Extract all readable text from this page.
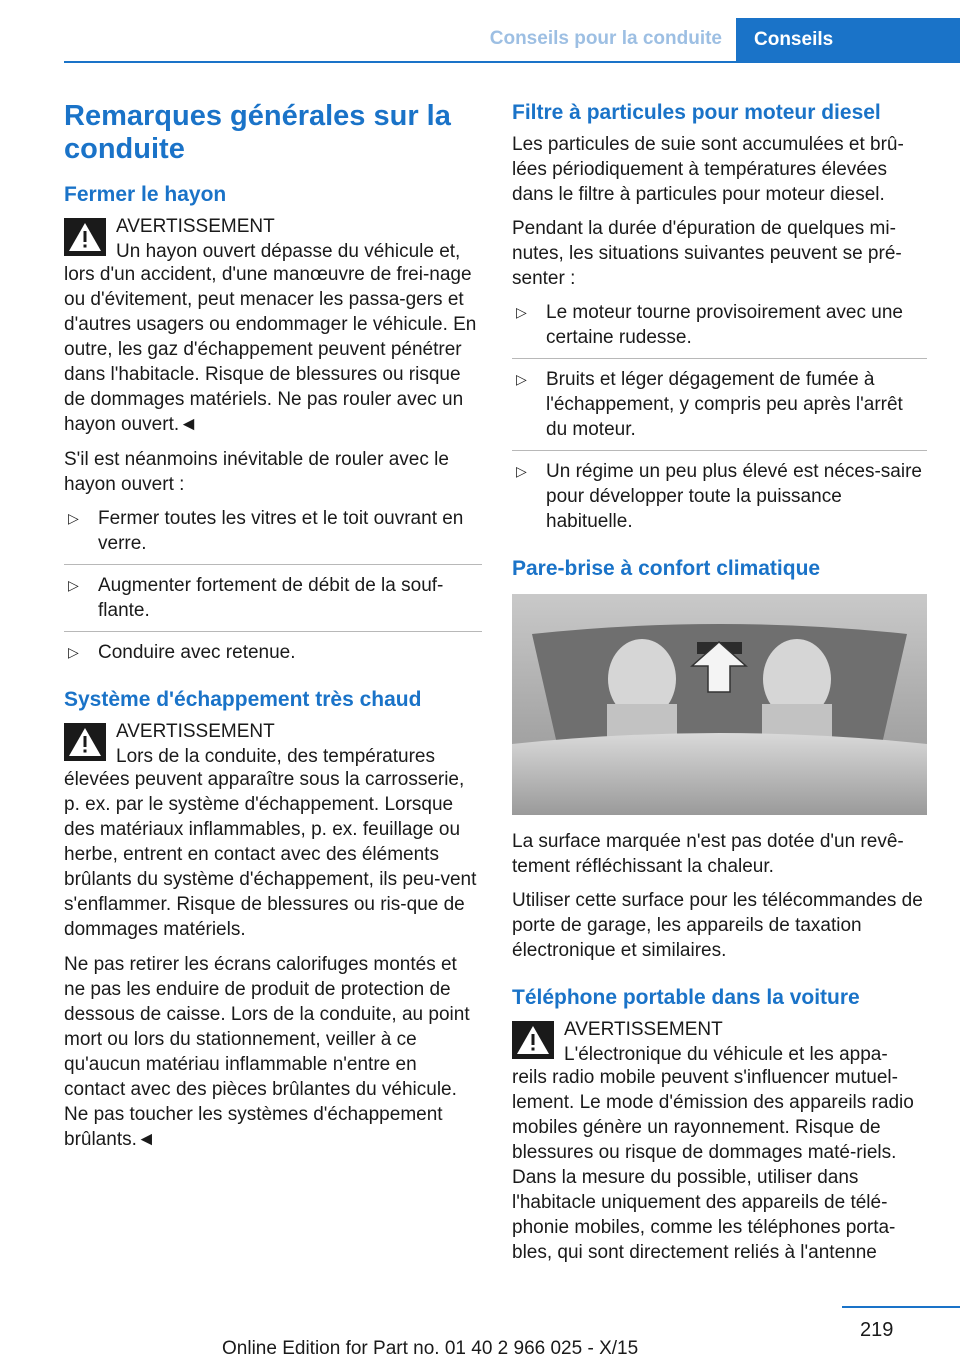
Conseils pour la conduite	Conseils
Remarques générales sur la conduite
Fermer le hayon
AVERTISSEMENT
Un hayon ouvert dépasse du véhicule et,
lors d'un accident, d'une manœuvre de frei-nage ou d'évitement, peut menacer les passa-gers et d'autres usagers ou endommager le véhicule. En outre, les gaz d'échappement peuvent pénétrer dans l'habitacle. Risque de blessures ou risque de dommages matériels. Ne pas rouler avec un hayon ouvert.◄

S'il est néanmoins inévitable de rouler avec le hayon ouvert :

▷ Fermer toutes les vitres et le toit ouvrant en verre.
▷ Augmenter fortement de débit de la souf-flante.
▷ Conduire avec retenue.
Système d'échappement très chaud
AVERTISSEMENT
Lors de la conduite, des températures
élevées peuvent apparaître sous la carrosserie, p. ex. par le système d'échappement. Lorsque des matériaux inflammables, p. ex. feuillage ou herbe, entrent en contact avec des éléments brûlants du système d'échappement, ils peu-vent s'enflammer. Risque de blessures ou ris-que de dommages matériels.

Ne pas retirer les écrans calorifuges montés et ne pas les enduire de produit de protection de dessous de caisse. Lors de la conduite, au point mort ou lors du stationnement, veiller à ce qu'aucun matériau inflammable n'entre en contact avec des pièces brûlantes du véhicule. Ne pas toucher les systèmes d'échappement brûlants.◄

Filtre à particules pour moteur diesel

Les particules de suie sont accumulées et brû-lées périodiquement à températures élevées dans le filtre à particules pour moteur diesel.

Pendant la durée d'épuration de quelques mi-nutes, les situations suivantes peuvent se pré-senter :

▷ Le moteur tourne provisoirement avec une certaine rudesse.
▷ Bruits et léger dégagement de fumée à l'échappement, y compris peu après l'arrêt du moteur.
▷ Un régime un peu plus élevé est néces-saire pour développer toute la puissance habituelle.
Pare-brise à confort climatique

La surface marquée n'est pas dotée d'un revê-tement réfléchissant la chaleur.

Utiliser cette surface pour les télécommandes de porte de garage, les appareils de taxation électronique et similaires.

Téléphone portable dans la voiture
AVERTISSEMENT
L'électronique du véhicule et les appa-
reils radio mobile peuvent s'influencer mutuel-lement. Le mode d'émission des appareils radio mobiles génère un rayonnement. Risque de blessures ou risque de dommages maté-riels. Dans la mesure du possible, utiliser dans l'habitacle uniquement des appareils de télé-phonie mobiles, comme les téléphones porta-bles, qui sont directement reliés à l'antenne
219
Online Edition for Part no. 01 40 2 966 025 - X/15
